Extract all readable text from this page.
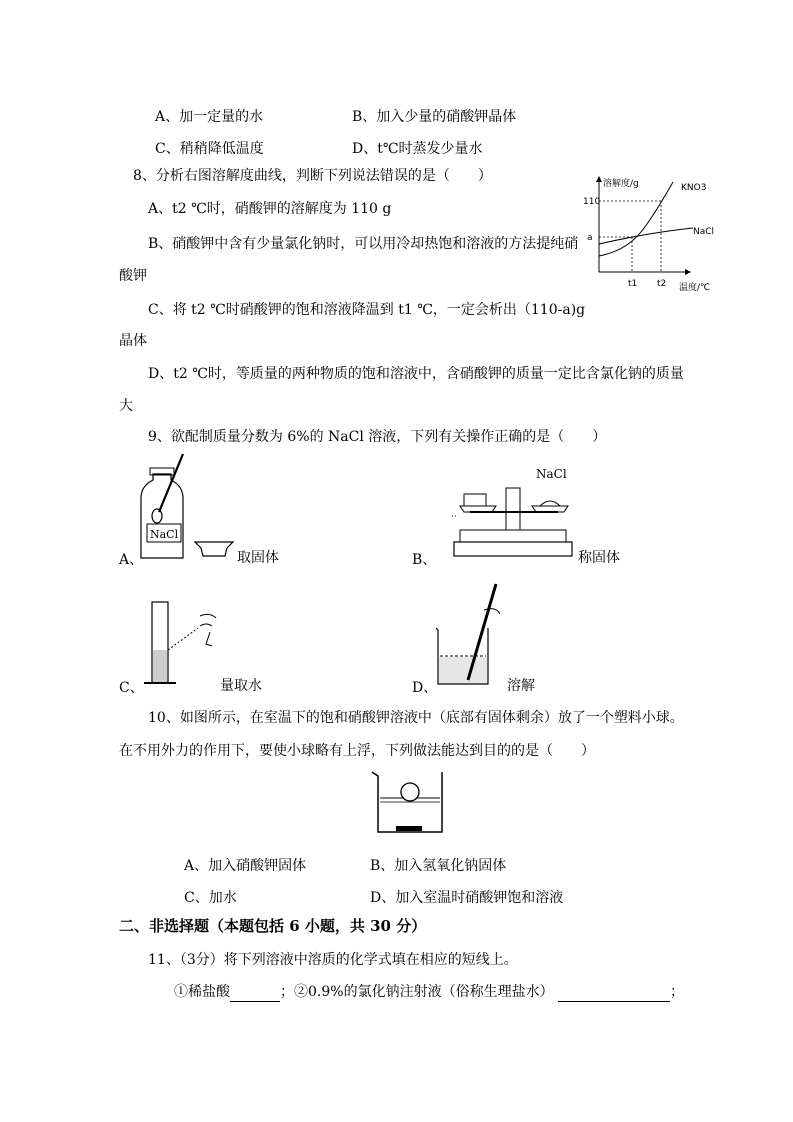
A、加一定量的水	B、加入少量的硝酸钾晶体
C、稍稍降低温度	D、t℃时蒸发少量水
8、分析右图溶解度曲线，判断下列说法错误的是（　　）
A、t2 ℃时，硝酸钾的溶解度为 110 g
B、硝酸钾中含有少量氯化钠时，可以用冷却热饱和溶液的方法提纯硝
酸钾
C、将 t2 ℃时硝酸钾的饱和溶液降温到 t1 ℃，一定会析出（110-a)g
晶体
D、t2 ℃时，等质量的两种物质的饱和溶液中，含硝酸钾的质量一定比含氯化钠的质量
大
溶解度/g	KNO3
NaCl
110
a
t1 t2 温度/℃
9、欲配制质量分数为 6%的 NaCl 溶液，下列有关操作正确的是（　　）
NaCl
A、	取固体
NaCl
B、	称固体
C、	量取水	D、	溶解
10、如图所示，在室温下的饱和硝酸钾溶液中（底部有固体剩余）放了一个塑料小球。
在不用外力的作用下，要使小球略有上浮，下列做法能达到目的的是（　　）
A、加入硝酸钾固体	B、加入氢氧化钠固体
C、加水	D、加入室温时硝酸钾饱和溶液
二、非选择题（本题包括 6 小题，共 30 分）
11、（3分）将下列溶液中溶质的化学式填在相应的短线上。
①稀盐酸	；②0.9%的氯化钠注射液（俗称生理盐水）	；
